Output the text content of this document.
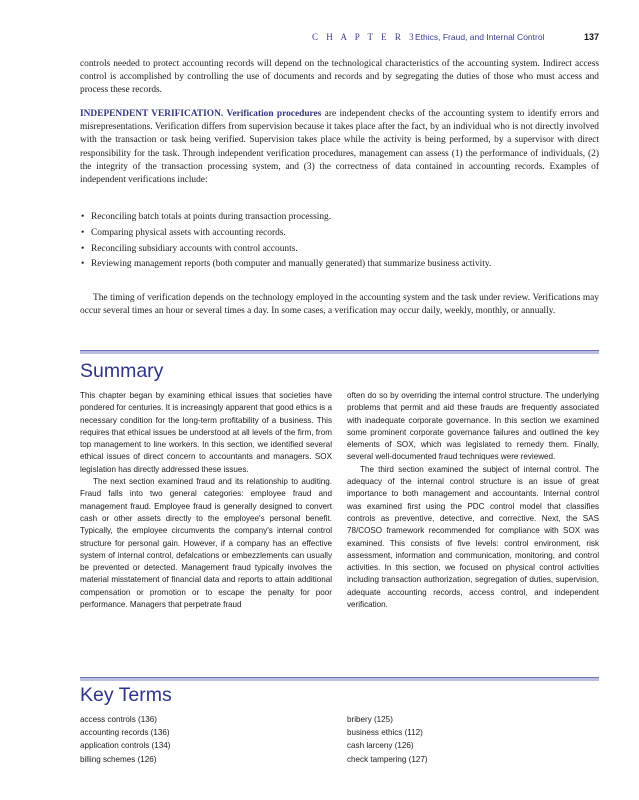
C H A P T E R 3
Ethics, Fraud, and Internal Control	137

controls needed to protect accounting records will depend on the technological characteristics of the accounting system. Indirect access control is accomplished by controlling the use of documents and records and by segregating the duties of those who must access and process these records.

INDEPENDENT VERIFICATION. Verification procedures are independent checks of the accounting system to identify errors and misrepresentations. Verification differs from supervision because it takes place after the fact, by an individual who is not directly involved with the transaction or task being verified. Supervision takes place while the activity is being performed, by a supervisor with direct responsibility for the task. Through independent verification procedures, management can assess (1) the performance of individuals, (2) the integrity of the transaction processing system, and (3) the correctness of data contained in accounting records. Examples of independent verifications include:

• Reconciling batch totals at points during transaction processing.
• Comparing physical assets with accounting records.
• Reconciling subsidiary accounts with control accounts.
• Reviewing management reports (both computer and manually generated) that summarize business activity.

The timing of verification depends on the technology employed in the accounting system and the task under review. Verifications may occur several times an hour or several times a day. In some cases, a verification may occur daily, weekly, monthly, or annually.

Summary

This chapter began by examining ethical issues that societies have pondered for centuries. It is increasingly apparent that good ethics is a necessary condition for the long-term profitability of a business. This requires that ethical issues be understood at all levels of the firm, from top management to line workers. In this section, we identified several ethical issues of direct concern to accountants and managers. SOX legislation has directly addressed these issues.

The next section examined fraud and its relationship to auditing. Fraud falls into two general categories: employee fraud and management fraud. Employee fraud is generally designed to convert cash or other assets directly to the employee's personal benefit. Typically, the employee circumvents the company's internal control structure for personal gain. However, if a company has an effective system of internal control, defalcations or embezzlements can usually be prevented or detected. Management fraud typically involves the material misstatement of financial data and reports to attain additional compensation or promotion or to escape the penalty for poor performance. Managers that perpetrate fraud

often do so by overriding the internal control structure. The underlying problems that permit and aid these frauds are frequently associated with inadequate corporate governance. In this section we examined some prominent corporate governance failures and outlined the key elements of SOX, which was legislated to remedy them. Finally, several well-documented fraud techniques were reviewed.

The third section examined the subject of internal control. The adequacy of the internal control structure is an issue of great importance to both management and accountants. Internal control was examined first using the PDC control model that classifies controls as preventive, detective, and corrective. Next, the SAS 78/COSO framework recommended for compliance with SOX was examined. This consists of five levels: control environment, risk assessment, information and communication, monitoring, and control activities. In this section, we focused on physical control activities including transaction authorization, segregation of duties, supervision, adequate accounting records, access control, and independent verification.

Key Terms
access controls (136)
accounting records (136)
application controls (134)
billing schemes (126)
bribery (125)
business ethics (112)
cash larceny (126)
check tampering (127)
